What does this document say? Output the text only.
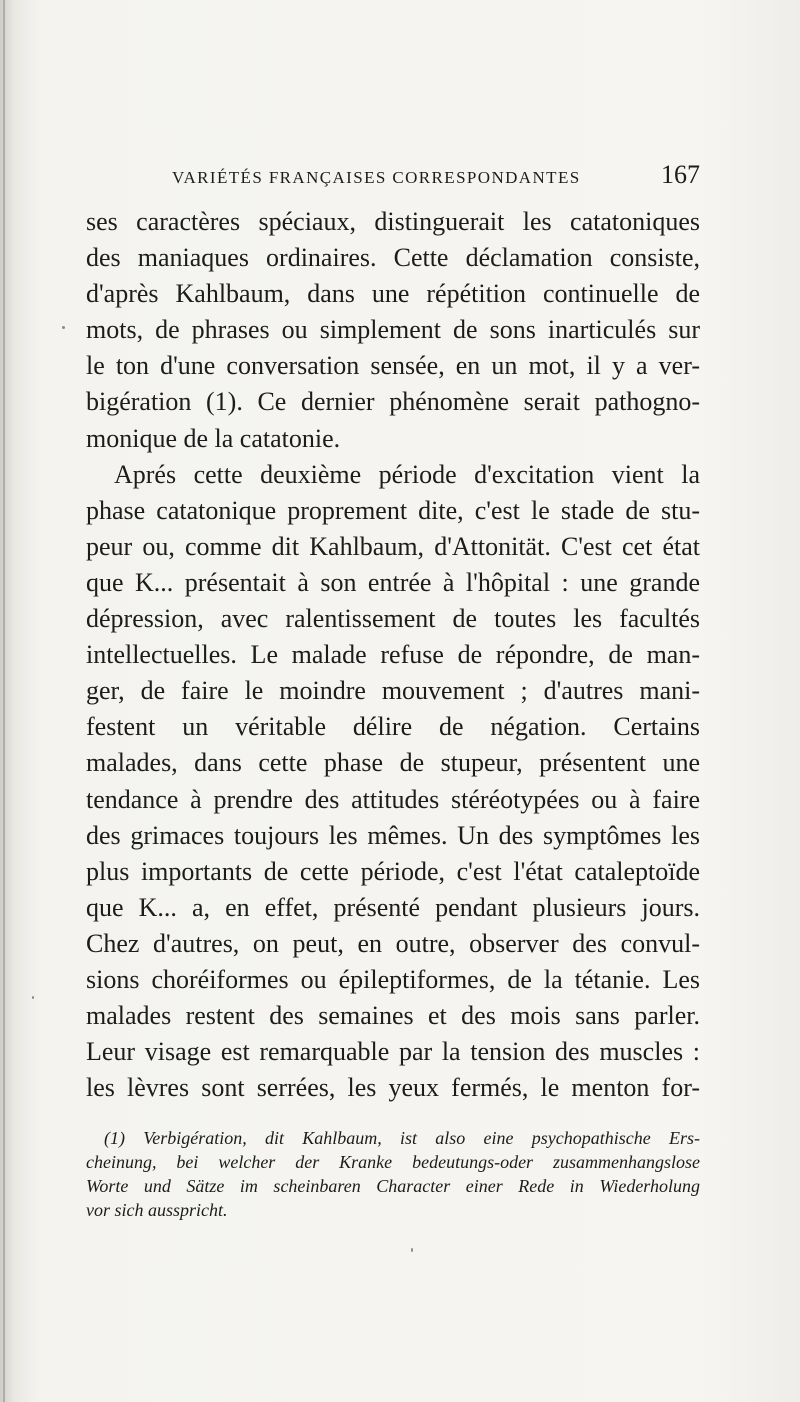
VARIÉTÉS FRANÇAISES CORRESPONDANTES	167
ses caractères spéciaux, distinguerait les catatoniques
des maniaques ordinaires. Cette déclamation consiste,
d'après Kahlbaum, dans une répétition continuelle de
mots, de phrases ou simplement de sons inarticulés sur
le ton d'une conversation sensée, en un mot, il y a ver-
bigération (1). Ce dernier phénomène serait pathogno-
monique de la catatonie.
Aprés cette deuxième période d'excitation vient la
phase catatonique proprement dite, c'est le stade de stu-
peur ou, comme dit Kahlbaum, d'Attonität. C'est cet état
que K... présentait à son entrée à l'hôpital : une grande
dépression, avec ralentissement de toutes les facultés
intellectuelles. Le malade refuse de répondre, de man-
ger, de faire le moindre mouvement ; d'autres mani-
festent un véritable délire de négation. Certains
malades, dans cette phase de stupeur, présentent une
tendance à prendre des attitudes stéréotypées ou à faire
des grimaces toujours les mêmes. Un des symptômes les
plus importants de cette période, c'est l'état cataleptoïde
que K... a, en effet, présenté pendant plusieurs jours.
Chez d'autres, on peut, en outre, observer des convul-
sions choréiformes ou épileptiformes, de la tétanie. Les
malades restent des semaines et des mois sans parler.
Leur visage est remarquable par la tension des muscles :
les lèvres sont serrées, les yeux fermés, le menton for-
(1) Verbigération, dit Kahlbaum, ist also eine psychopathische Ers-
cheinung, bei welcher der Kranke bedeutungs-oder zusammenhangslose
Worte und Sätze im scheinbaren Character einer Rede in Wiederholung
vor sich ausspricht.
